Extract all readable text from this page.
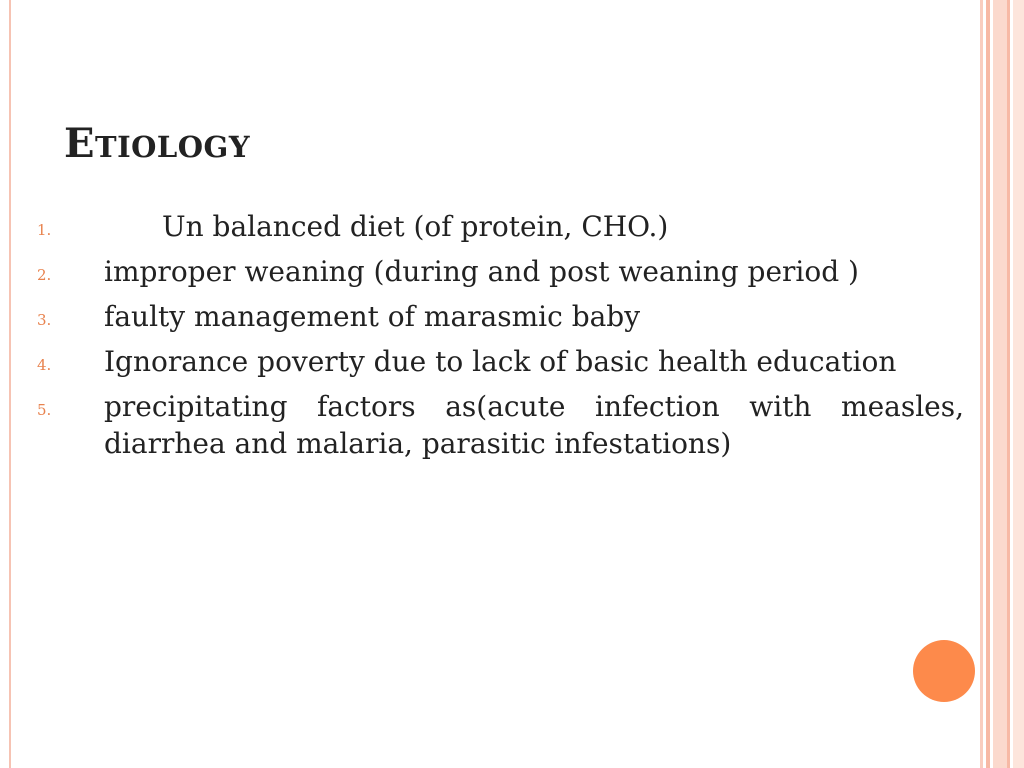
ETIOLOGY
1.	Un balanced diet (of protein, CHO.)
2. improper weaning (during and post weaning period )
3. faulty management of marasmic baby
4. Ignorance poverty due to lack of basic health education
5. precipitating factors as(acute infection with measles, diarrhea and malaria, parasitic infestations)
